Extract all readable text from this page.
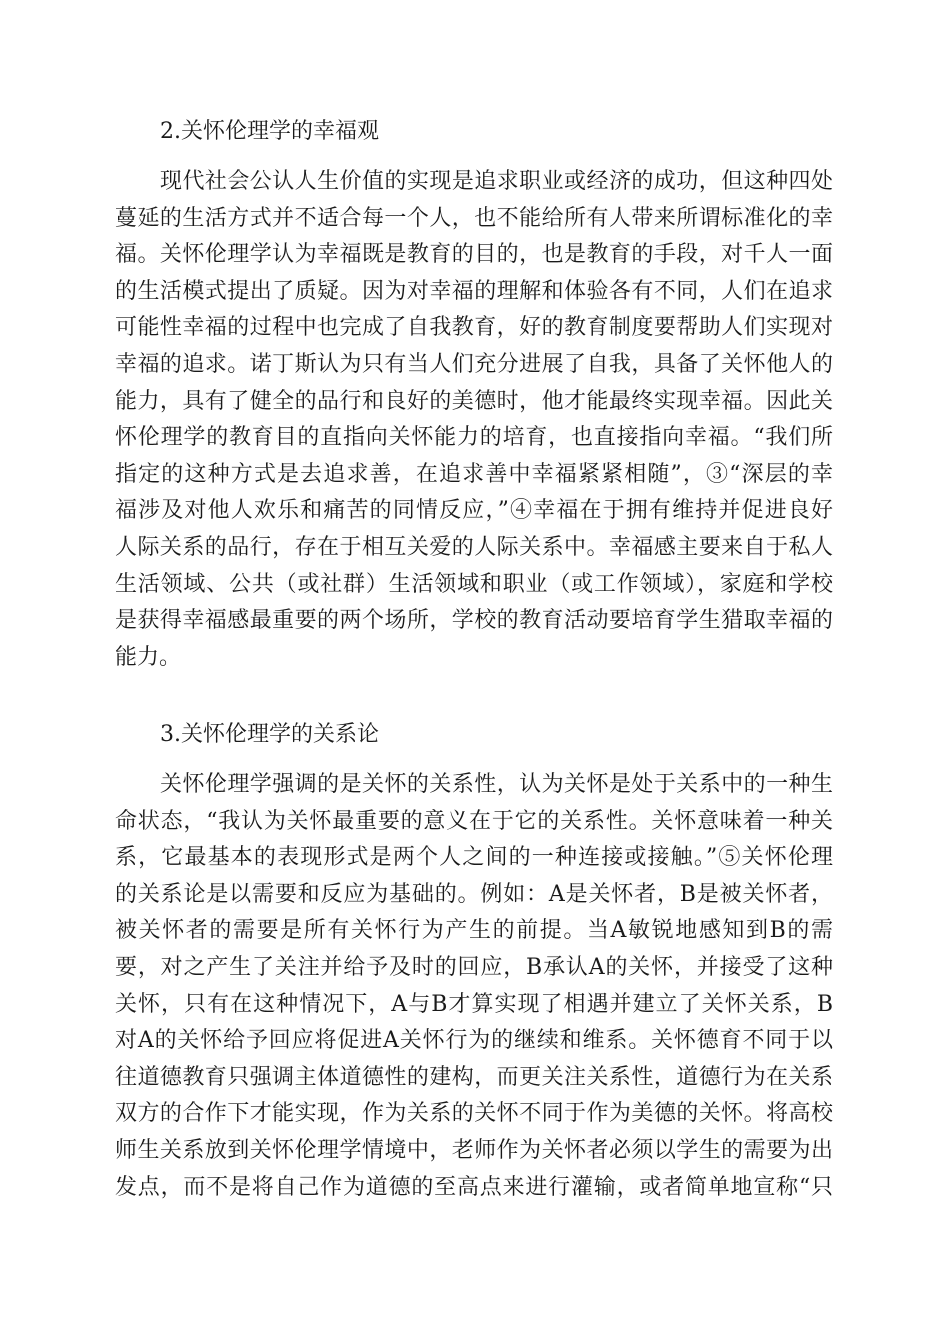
2.关怀伦理学的幸福观
现代社会公认人生价值的实现是追求职业或经济的成功，但这种四处
蔓延的生活方式并不适合每一个人，也不能给所有人带来所谓标准化的幸
福。关怀伦理学认为幸福既是教育的目的，也是教育的手段，对千人一面
的生活模式提出了质疑。因为对幸福的理解和体验各有不同，人们在追求
可能性幸福的过程中也完成了自我教育，好的教育制度要帮助人们实现对
幸福的追求。诺丁斯认为只有当人们充分进展了自我，具备了关怀他人的
能力，具有了健全的品行和良好的美德时，他才能最终实现幸福。因此关
怀伦理学的教育目的直指向关怀能力的培育，也直接指向幸福。“我们所
指定的这种方式是去追求善，在追求善中幸福紧紧相随”，③“深层的幸
福涉及对他人欢乐和痛苦的同情反应，”④幸福在于拥有维持并促进良好
人际关系的品行，存在于相互关爱的人际关系中。幸福感主要来自于私人
生活领域、公共（或社群）生活领域和职业（或工作领域），家庭和学校
是获得幸福感最重要的两个场所，学校的教育活动要培育学生猎取幸福的
能力。
3.关怀伦理学的关系论
关怀伦理学强调的是关怀的关系性，认为关怀是处于关系中的一种生
命状态，“我认为关怀最重要的意义在于它的关系性。关怀意味着一种关
系，它最基本的表现形式是两个人之间的一种连接或接触。”⑤关怀伦理
的关系论是以需要和反应为基础的。例如：A是关怀者，B是被关怀者，
被关怀者的需要是所有关怀行为产生的前提。当A敏锐地感知到B的需
要，对之产生了关注并给予及时的回应，B承认A的关怀，并接受了这种
关怀，只有在这种情况下，A与B才算实现了相遇并建立了关怀关系，B
对A的关怀给予回应将促进A关怀行为的继续和维系。关怀德育不同于以
往道德教育只强调主体道德性的建构，而更关注关系性，道德行为在关系
双方的合作下才能实现，作为关系的关怀不同于作为美德的关怀。将高校
师生关系放到关怀伦理学情境中，老师作为关怀者必须以学生的需要为出
发点，而不是将自己作为道德的至高点来进行灌输，或者简单地宣称“只
